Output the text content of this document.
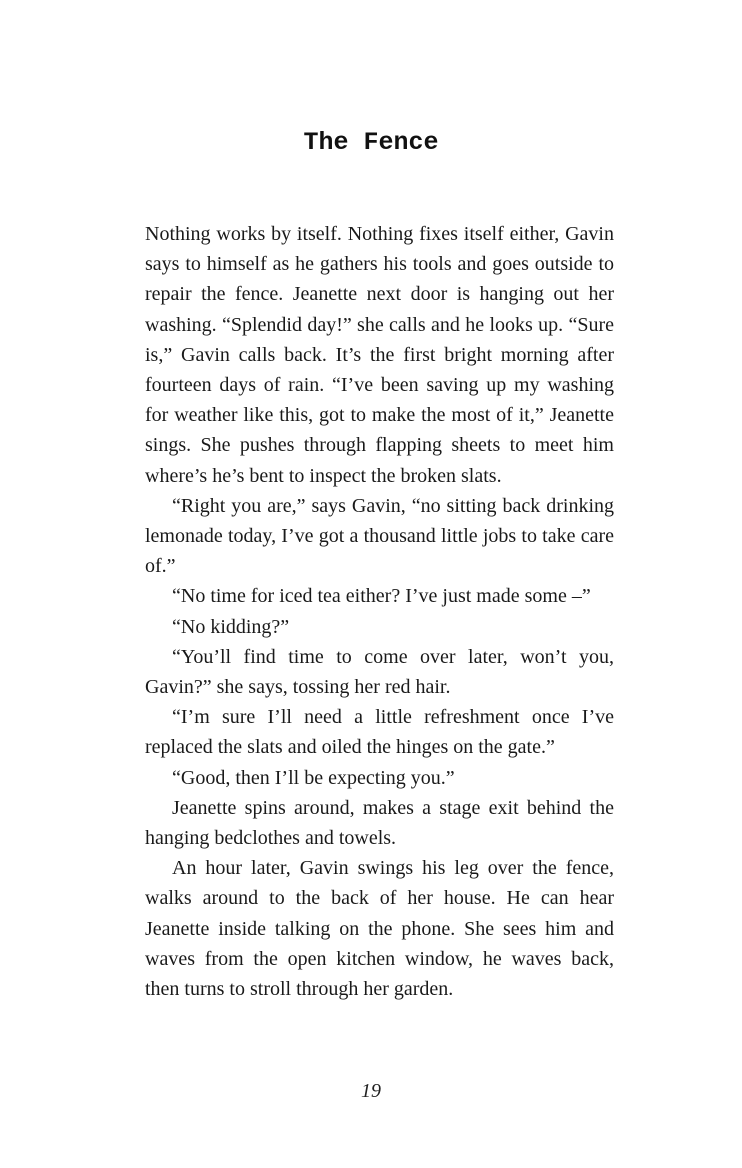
The Fence

Nothing works by itself. Nothing fixes itself either, Gavin says to himself as he gathers his tools and goes outside to repair the fence. Jeanette next door is hanging out her washing. “Splendid day!” she calls and he looks up. “Sure is,” Gavin calls back. It’s the first bright morning after fourteen days of rain. “I’ve been saving up my washing for weather like this, got to make the most of it,” Jeanette sings. She pushes through flapping sheets to meet him where’s he’s bent to inspect the broken slats.

“Right you are,” says Gavin, “no sitting back drinking lemonade today, I’ve got a thousand little jobs to take care of.”

“No time for iced tea either? I’ve just made some –”

“No kidding?”

“You’ll find time to come over later, won’t you, Gavin?” she says, tossing her red hair.

“I’m sure I’ll need a little refreshment once I’ve replaced the slats and oiled the hinges on the gate.”

“Good, then I’ll be expecting you.”

Jeanette spins around, makes a stage exit behind the hanging bedclothes and towels.

An hour later, Gavin swings his leg over the fence, walks around to the back of her house. He can hear Jeanette inside talking on the phone. She sees him and waves from the open kitchen window, he waves back, then turns to stroll through her garden.

19
